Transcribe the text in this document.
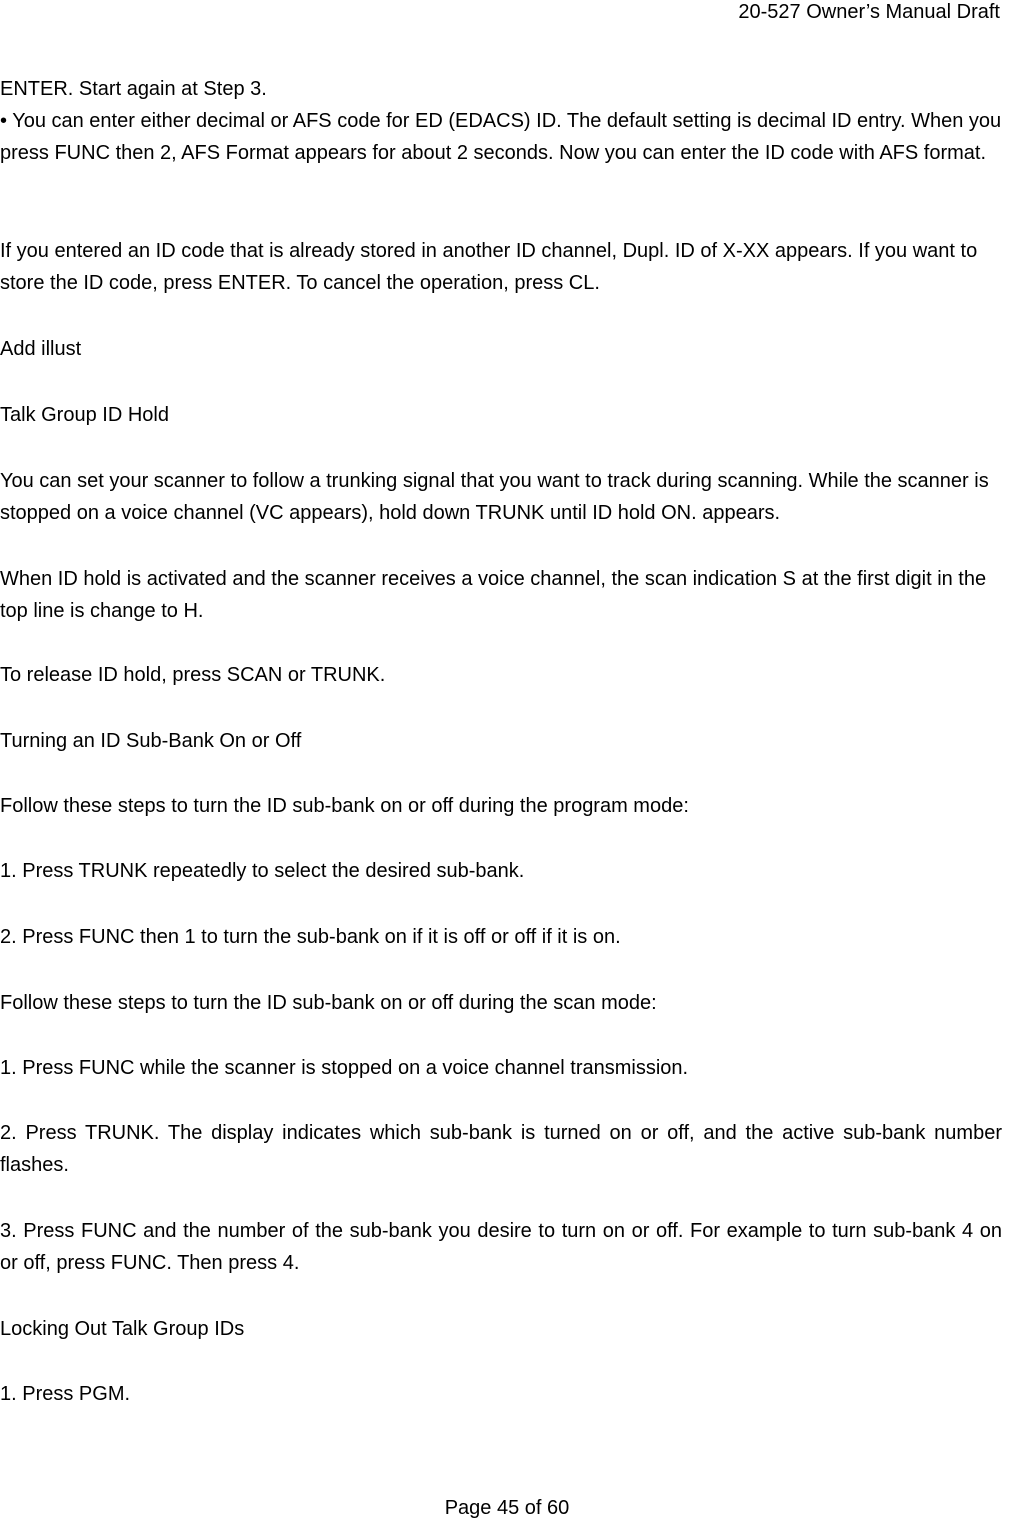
20-527 Owner’s Manual Draft

ENTER. Start again at Step 3.

• You can enter either decimal or AFS code for ED (EDACS) ID. The default setting is decimal ID entry. When you press FUNC then 2, AFS Format appears for about 2 seconds. Now you can enter the ID code with AFS format.

If you entered an ID code that is already stored in another ID channel, Dupl. ID of X-XX appears. If you want to store the ID code, press ENTER. To cancel the operation, press CL.

Add illust

Talk Group ID Hold

You can set your scanner to follow a trunking signal that you want to track during scanning. While the scanner is stopped on a voice channel (VC appears), hold down TRUNK until ID hold ON. appears.

When ID hold is activated and the scanner receives a voice channel, the scan indication S at the first digit in the top line is change to H.

To release ID hold, press SCAN or TRUNK.

Turning an ID Sub-Bank On or Off

Follow these steps to turn the ID sub-bank on or off during the program mode:

1. Press TRUNK repeatedly to select the desired sub-bank.

2. Press FUNC then 1 to turn the sub-bank on if it is off or off if it is on.

Follow these steps to turn the ID sub-bank on or off during the scan mode:

1. Press FUNC while the scanner is stopped on a voice channel transmission.

2. Press TRUNK. The display indicates which sub-bank is turned on or off, and the active sub-bank number flashes.

3. Press FUNC and the number of the sub-bank you desire to turn on or off. For example to turn sub-bank 4 on or off, press FUNC. Then press 4.

Locking Out Talk Group IDs

1. Press PGM.

Page 45 of 60
